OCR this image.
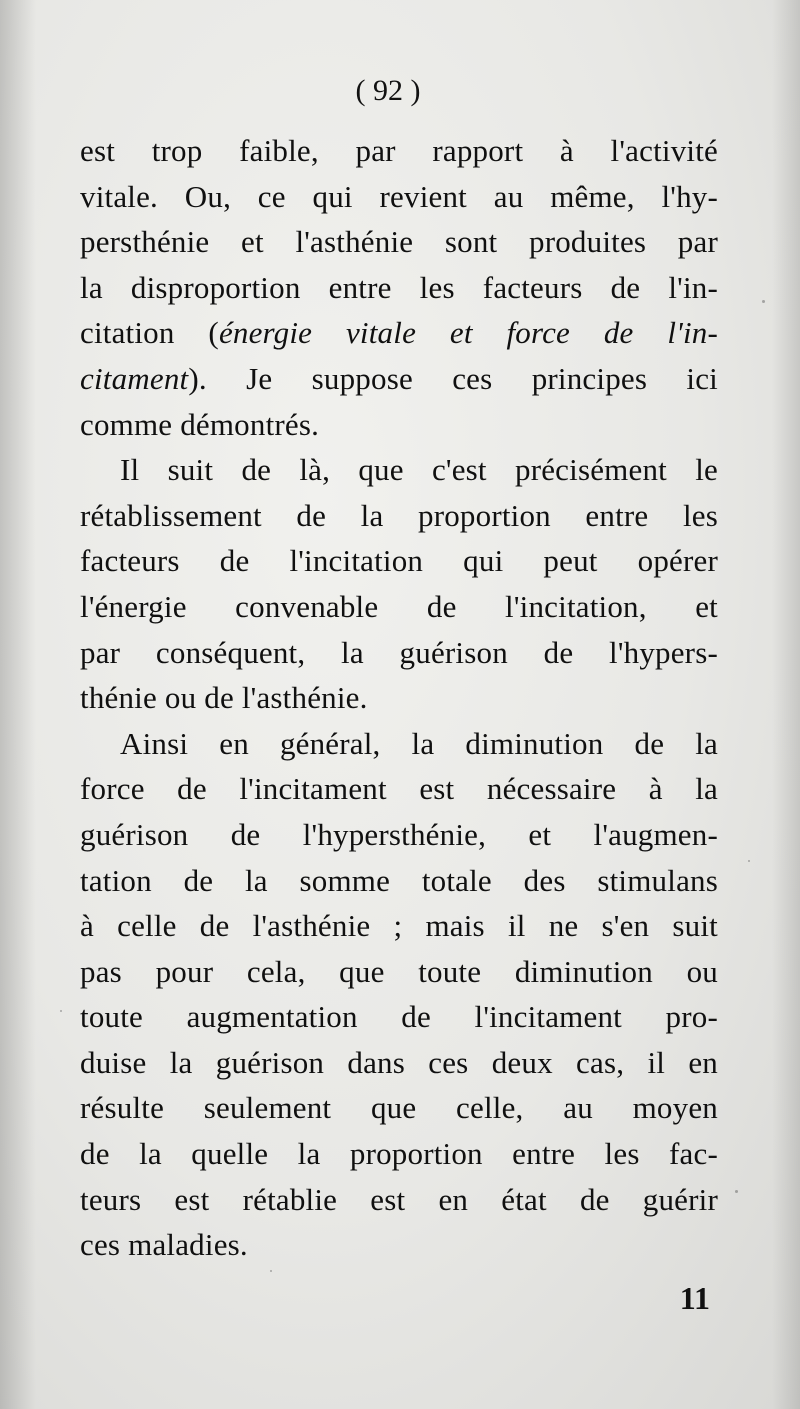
( 92 )
est trop faible, par rapport à l'activité
vitale. Ou, ce qui revient au même, l'hy-
persthénie et l'asthénie sont produites par
la disproportion entre les facteurs de l'in-
citation (énergie vitale et force de l'in-
citament). Je suppose ces principes ici
comme démontrés.
Il suit de là, que c'est précisément le
rétablissement de la proportion entre les
facteurs de l'incitation qui peut opérer
l'énergie convenable de l'incitation, et
par conséquent, la guérison de l'hypers-
thénie ou de l'asthénie.
Ainsi en général, la diminution de la
force de l'incitament est nécessaire à la
guérison de l'hypersthénie, et l'augmen-
tation de la somme totale des stimulans
à celle de l'asthénie ; mais il ne s'en suit
pas pour cela, que toute diminution ou
toute augmentation de l'incitament pro-
duise la guérison dans ces deux cas, il en
résulte seulement que celle, au moyen
de la quelle la proportion entre les fac-
teurs est rétablie est en état de guérir
ces maladies.
11
